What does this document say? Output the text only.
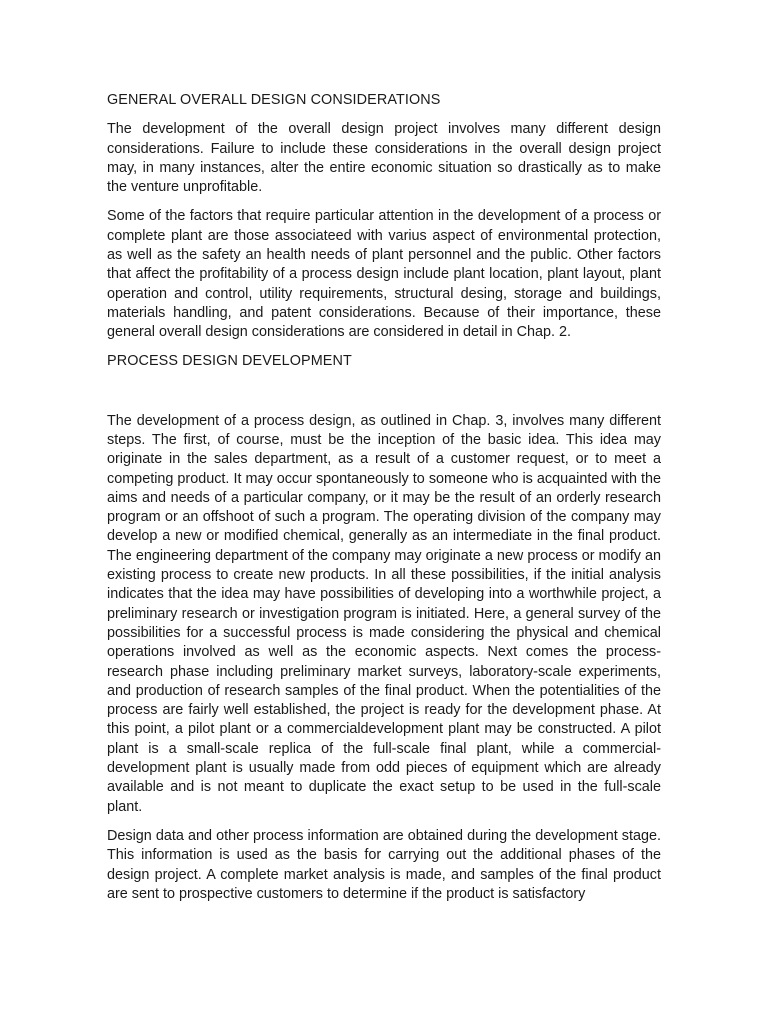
GENERAL OVERALL DESIGN CONSIDERATIONS

The development of the overall design project involves many different design considerations. Failure to include these considerations in the overall design project may, in many instances, alter the entire economic situation so drastically as to make the venture unprofitable.

Some of the factors that require particular attention in the development of a process or complete plant are those associateed with varius aspect of environmental protection, as well as the safety an health needs of plant personnel and the public. Other factors that affect the profitability of a process design include plant location, plant layout, plant operation and control, utility requirements, structural desing, storage and buildings, materials handling, and patent considerations. Because of their importance, these general overall design considerations are considered in detail in Chap. 2.

PROCESS DESIGN DEVELOPMENT

The development of a process design, as outlined in Chap. 3, involves many different steps. The first, of course, must be the inception of the basic idea. This idea may originate in the sales department, as a result of a customer request, or to meet a competing product. It may occur spontaneously to someone who is acquainted with the aims and needs of a particular company, or it may be the result of an orderly research program or an offshoot of such a program. The operating division of the company may develop a new or modified chemical, generally as an intermediate in the final product. The engineering department of the company may originate a new process or modify an existing process to create new products. In all these possibilities, if the initial analysis indicates that the idea may have possibilities of developing into a worthwhile project, a preliminary research or investigation program is initiated. Here, a general survey of the possibilities for a successful process is made considering the physical and chemical operations involved as well as the economic aspects. Next comes the process-research phase including preliminary market surveys, laboratory-scale experiments, and production of research samples of the final product. When the potentialities of the process are fairly well established, the project is ready for the development phase. At this point, a pilot plant or a commercialdevelopment plant may be constructed. A pilot plant is a small-scale replica of the full-scale final plant, while a commercial-development plant is usually made from odd pieces of equipment which are already available and is not meant to duplicate the exact setup to be used in the full-scale plant.

Design data and other process information are obtained during the development stage. This information is used as the basis for carrying out the additional phases of the design project. A complete market analysis is made, and samples of the final product are sent to prospective customers to determine if the product is satisfactory
